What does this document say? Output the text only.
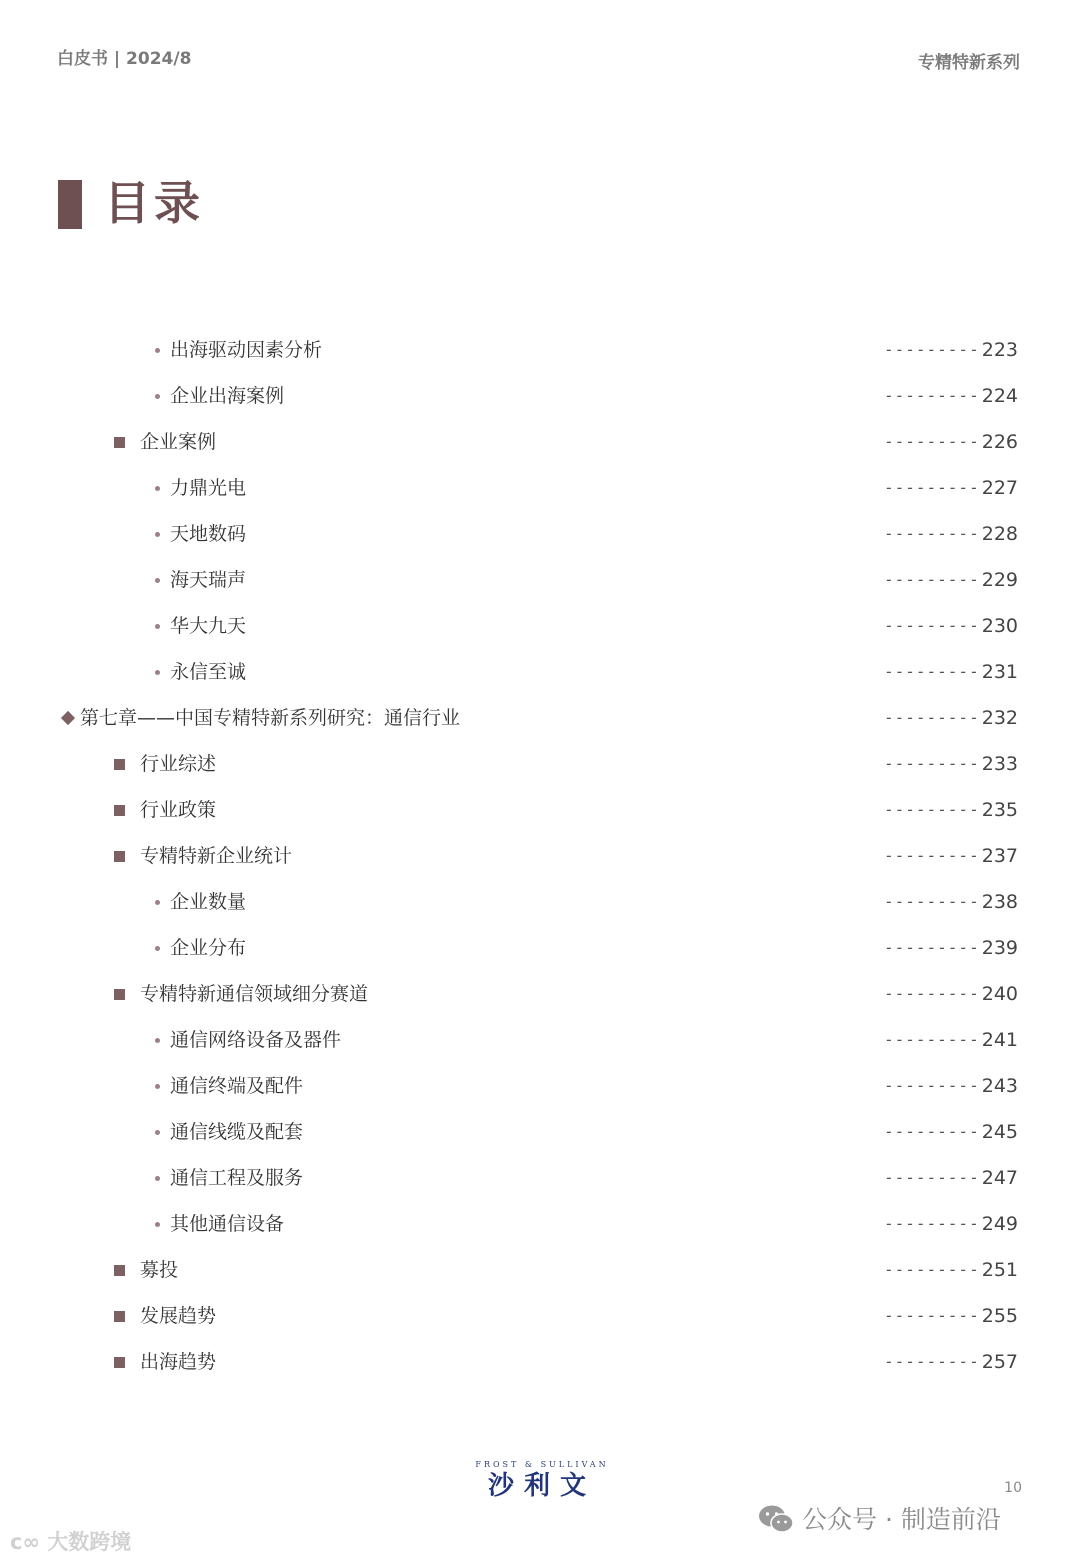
白皮书 | 2024/8	专精特新系列
目录
出海驱动因素分析	--------- 223
企业出海案例	--------- 224
企业案例	--------- 226
力鼎光电	--------- 227
天地数码	--------- 228
海天瑞声	--------- 229
华大九天	--------- 230
永信至诚	--------- 231
第七章——中国专精特新系列研究：通信行业	--------- 232
行业综述	--------- 233
行业政策	--------- 235
专精特新企业统计	--------- 237
企业数量	--------- 238
企业分布	--------- 239
专精特新通信领域细分赛道	--------- 240
通信网络设备及器件	--------- 241
通信终端及配件	--------- 243
通信线缆及配套	--------- 245
通信工程及服务	--------- 247
其他通信设备	--------- 249
募投	--------- 251
发展趋势	--------- 255
出海趋势	--------- 257
FROST & SULLIVAN
沙利文	10
公众号 · 制造前沿
ᴄ∞ 大数跨境
